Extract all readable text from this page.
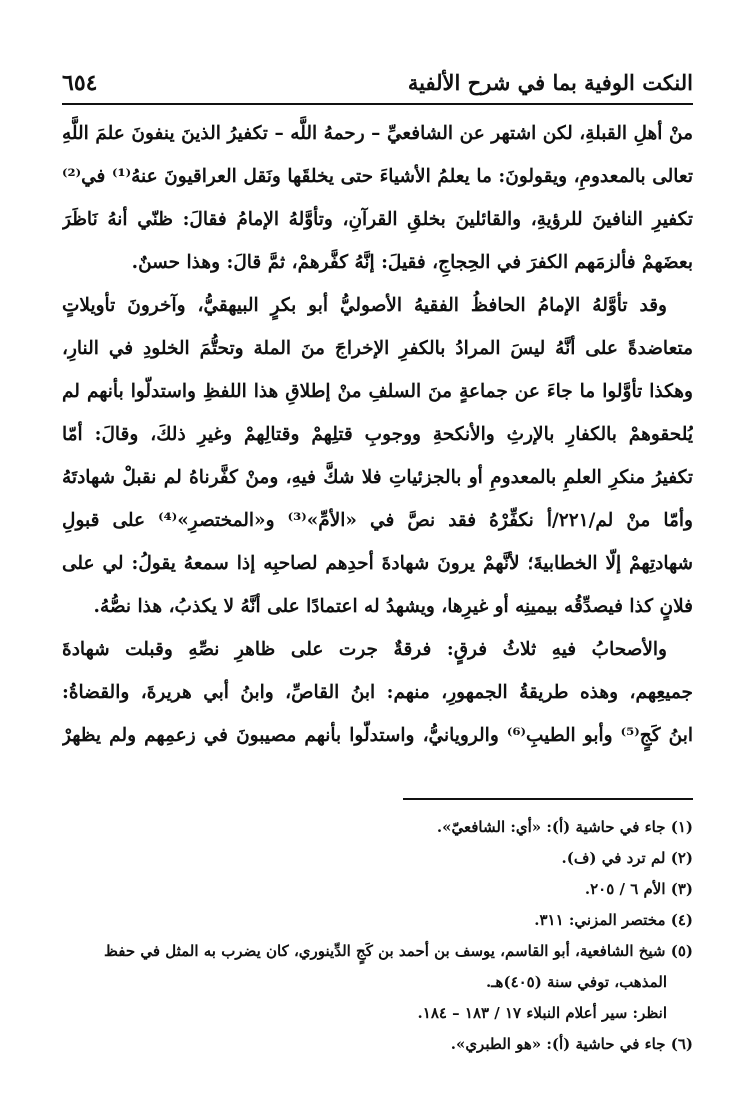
النكت الوفية بما في شرح الألفية
٦٥٤
منْ أهلِ القبلةِ، لكن اشتهر عن الشافعيِّ – رحمهُ اللَّه – تكفيرُ الذينَ ينفونَ علمَ اللَّهِ
تعالى بالمعدومِ، ويقولونَ: ما يعلمُ الأشياءَ حتى يخلقَها ونَقل العراقيونَ عنهُ⁽¹⁾ في⁽²⁾
تكفيرِ النافينَ للرؤيةِ، والقائلينَ بخلقِ القرآنِ، وتأوَّلهُ الإمامُ فقالَ: ظنّي أنهُ نَاظَرَ
بعضَهمْ فألزمَهم الكفرَ في الحِجاجِ، فقيلَ: إنَّهُ كفَّرهمْ، ثمَّ قالَ: وهذا حسنٌ.
وقد تأوَّلهُ الإمامُ الحافظُ الفقيهُ الأصوليُّ أبو بكرٍ البيهقيُّ، وآخرونَ تأويلاتٍ
متعاضدةً على أنَّهُ ليسَ المرادُ بالكفرِ الإخراجَ منَ الملة وتحتُّمَ الخلودِ في النارِ،
وهكذا تأوَّلوا ما جاءَ عن جماعةٍ منَ السلفِ منْ إطلاقِ هذا اللفظِ واستدلّوا بأنهم لم
يُلحقوهمْ بالكفارِ بالإرثِ والأنكحةِ ووجوبِ قتلِهمْ وقتالِهمْ وغيرِ ذلكَ، وقالَ: أمّا
تكفيرُ منكرِ العلمِ بالمعدومِ أو بالجزئياتِ فلا شكَّ فيهِ، ومنْ كفَّرناهُ لم نقبلْ شهادتَهُ
وأمّا منْ لم/٢٢١/أ نكفِّرْهُ فقد نصَّ في «الأمِّ»⁽³⁾ و«المختصرِ»⁽⁴⁾ على قبولِ
شهادتِهمْ إلّا الخطابيةَ؛ لأنَّهمْ يرونَ شهادةَ أحدِهم لصاحبِه إذا سمعهُ يقولُ: لي على
فلانٍ كذا فيصدِّقُه بيمينِه أو غيرِها، ويشهدُ له اعتمادًا على أنَّهُ لا يكذبُ، هذا نصُّهُ.
والأصحابُ فيهِ ثلاثُ فرقٍ: فرقةٌ جرت على ظاهرِ نصِّهِ وقبلت شهادةَ
جميعِهم، وهذه طريقةُ الجمهورِ، منهم: ابنُ القاصِّ، وابنُ أبي هريرةَ، والقضاةُ:
ابنُ كَجٍ⁽⁵⁾ وأبو الطيبِ⁽⁶⁾ والرويانيُّ، واستدلّوا بأنهم مصيبونَ في زعمِهم ولم يظهرْ
(١) جاء في حاشية (أ): «أي: الشافعيّ».
(٢) لم ترد في (ف).
(٣) الأم ٦ / ٢٠٥.
(٤) مختصر المزني: ٣١١.
(٥) شيخ الشافعية، أبو القاسم، يوسف بن أحمد بن كَجٍ الدِّينوري، كان يضرب به المثل في حفظ
المذهب، توفي سنة (٤٠٥)هـ.
انظر: سير أعلام النبلاء ١٧ / ١٨٣ – ١٨٤.
(٦) جاء في حاشية (أ): «هو الطبري».
